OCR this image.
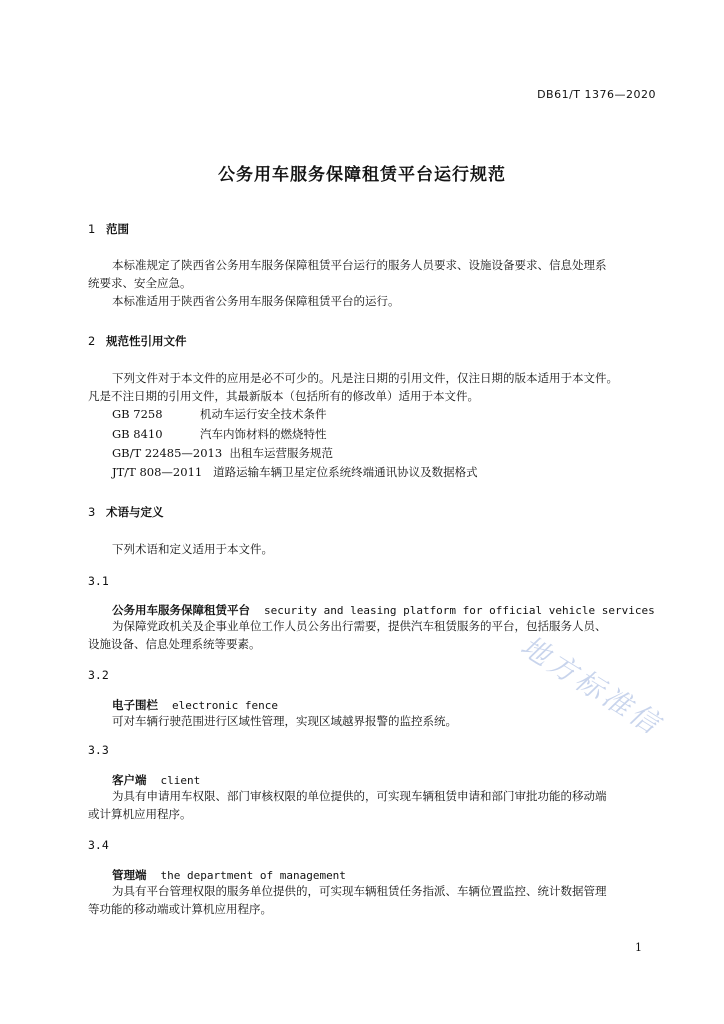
DB61/T 1376—2020
公务用车服务保障租赁平台运行规范
1 范围
本标准规定了陕西省公务用车服务保障租赁平台运行的服务人员要求、设施设备要求、信息处理系
统要求、安全应急。
本标准适用于陕西省公务用车服务保障租赁平台的运行。
2 规范性引用文件
下列文件对于本文件的应用是必不可少的。凡是注日期的引用文件，仅注日期的版本适用于本文件。
凡是不注日期的引用文件，其最新版本（包括所有的修改单）适用于本文件。
GB 7258	机动车运行安全技术条件
GB 8410	汽车内饰材料的燃烧特性
GB/T 22485—2013 出租车运营服务规范
JT/T 808—2011 道路运输车辆卫星定位系统终端通讯协议及数据格式
3 术语与定义
下列术语和定义适用于本文件。
3.1
公务用车服务保障租赁平台 security and leasing platform for official vehicle services
为保障党政机关及企事业单位工作人员公务出行需要，提供汽车租赁服务的平台，包括服务人员、
设施设备、信息处理系统等要素。
3.2
电子围栏 electronic fence
可对车辆行驶范围进行区域性管理，实现区域越界报警的监控系统。
3.3
客户端 client
为具有申请用车权限、部门审核权限的单位提供的，可实现车辆租赁申请和部门审批功能的移动端
或计算机应用程序。
3.4
管理端 the department of management
为具有平台管理权限的服务单位提供的，可实现车辆租赁任务指派、车辆位置监控、统计数据管理
等功能的移动端或计算机应用程序。
地方标准信
1
